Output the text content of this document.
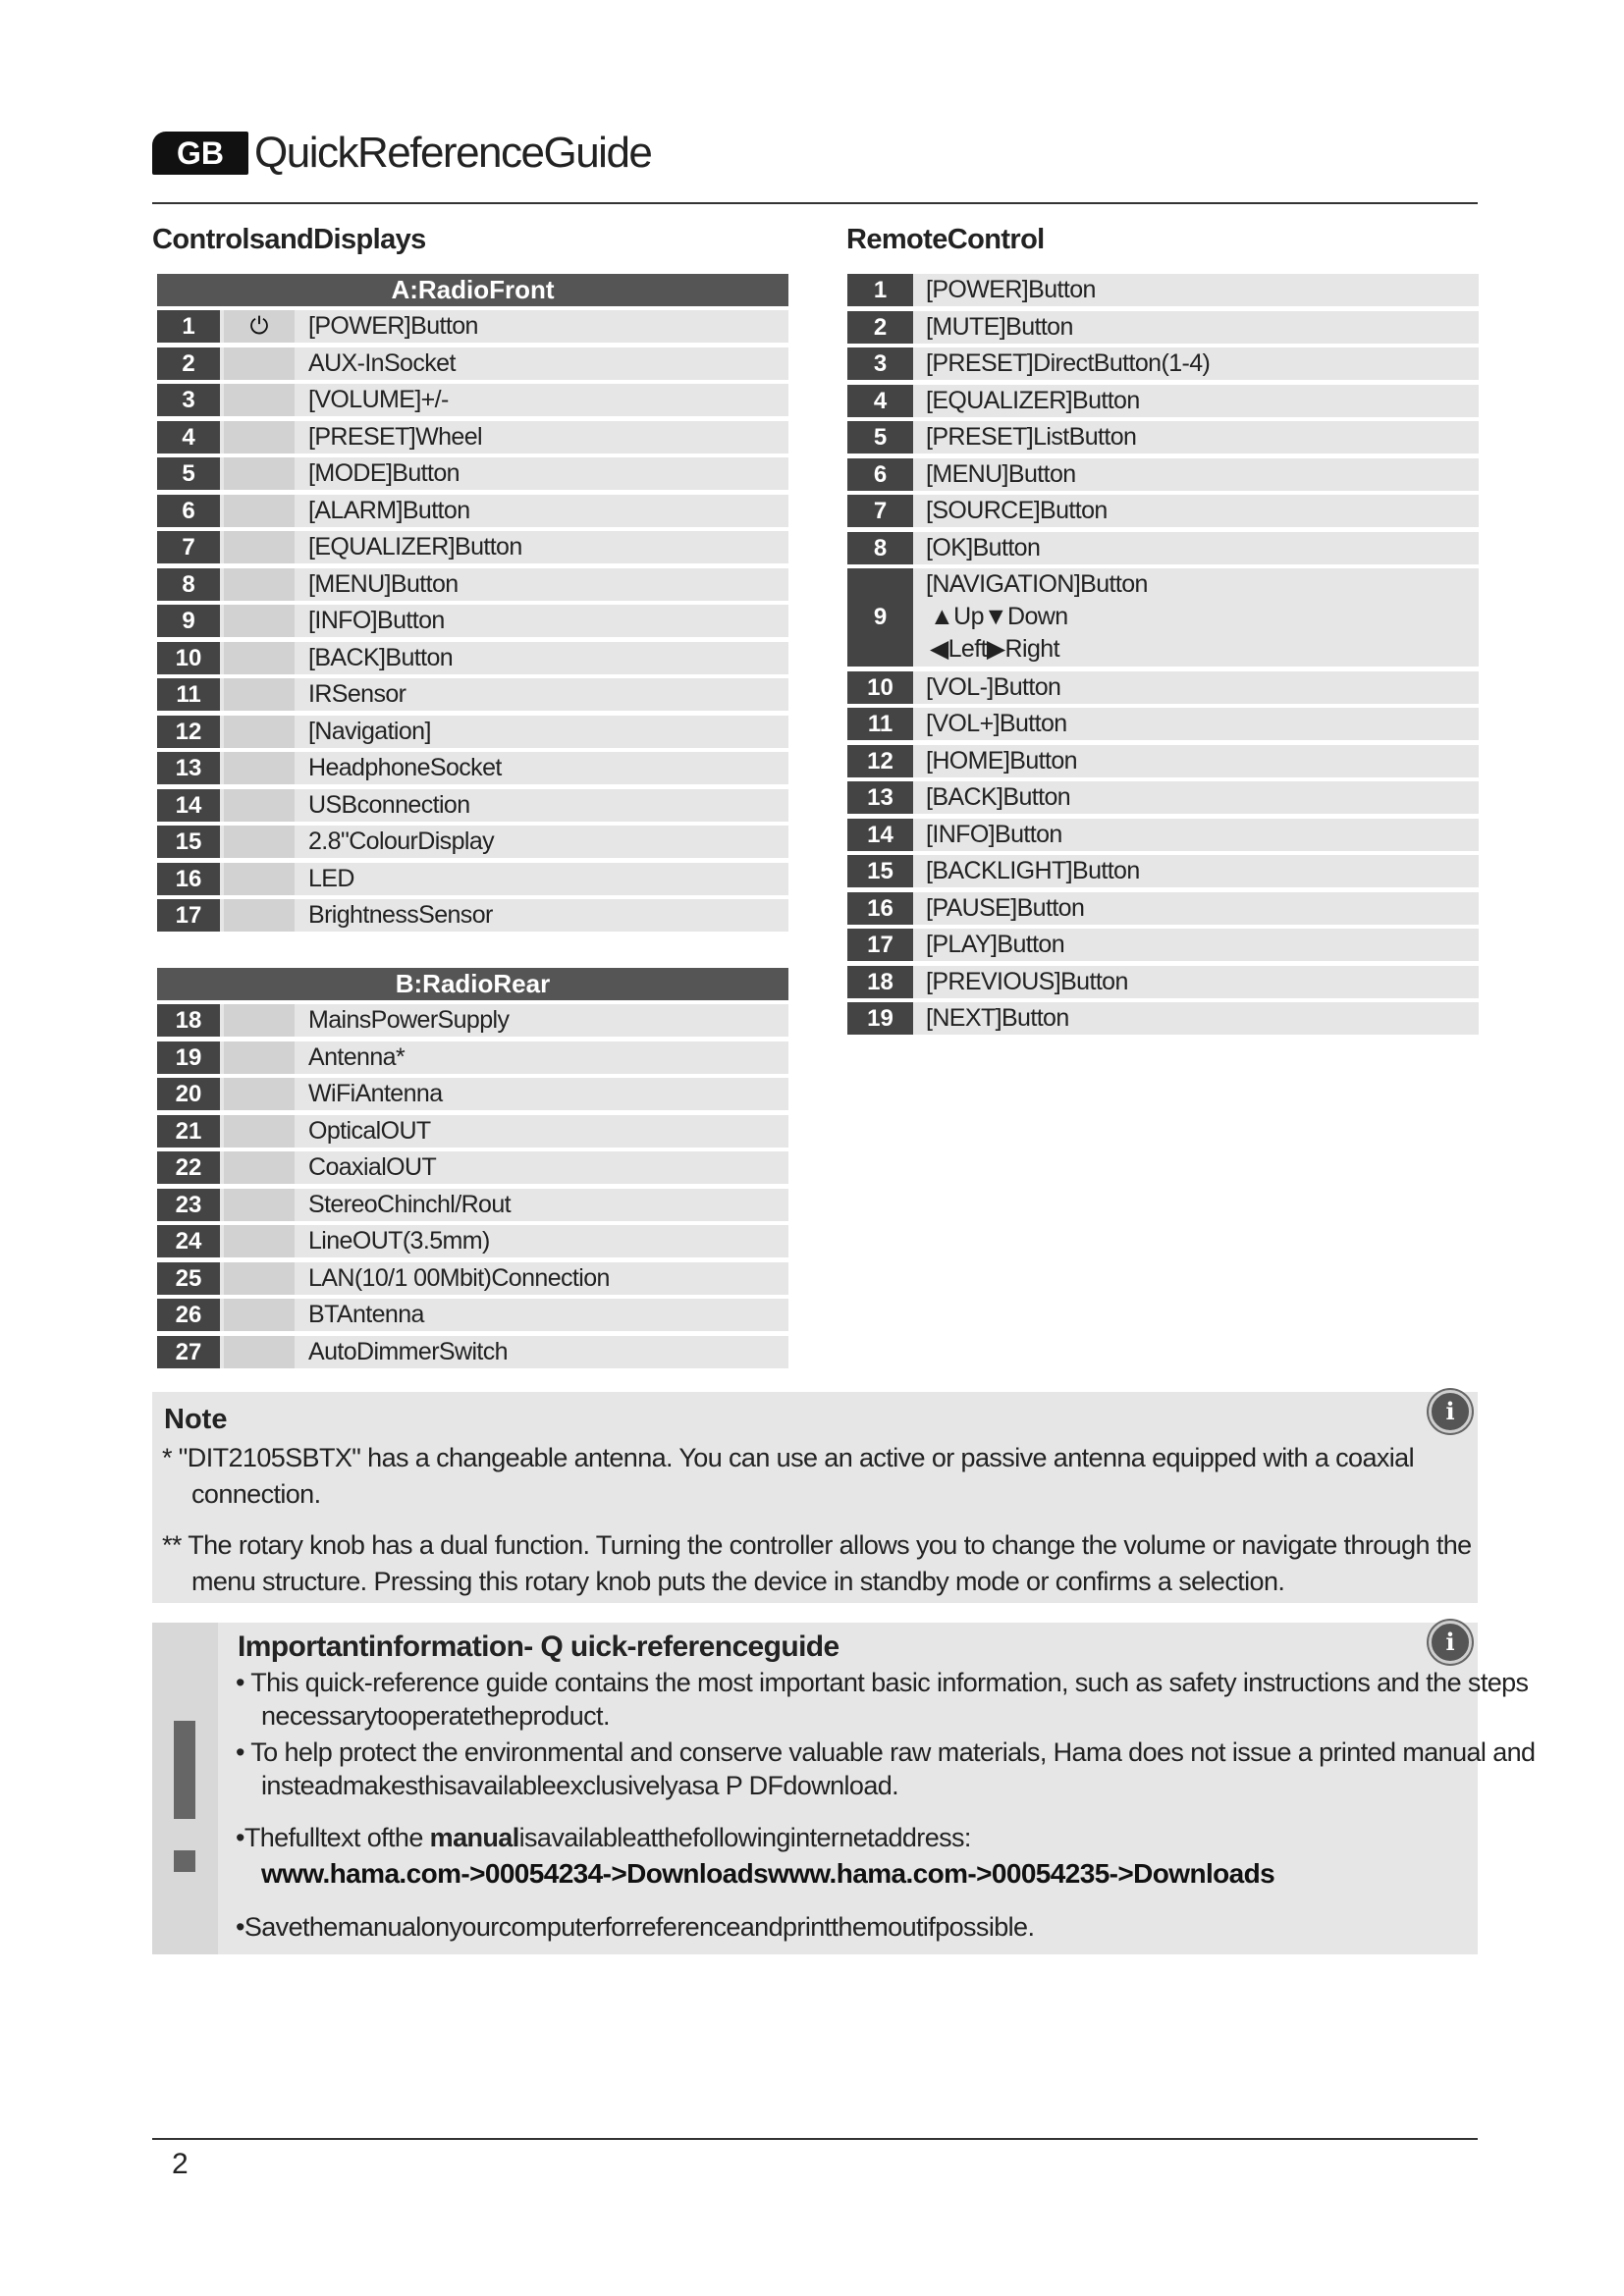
GB QuickReferenceGuide
ControlsandDisplays
A:RadioFront
1	⏻	[POWER]Button
2	AUX-InSocket
3	[VOLUME]+/-
4	[PRESET]Wheel
5	[MODE]Button
6	[ALARM]Button
7	[EQUALIZER]Button
8	[MENU]Button
9	[INFO]Button
10	[BACK]Button
11	IRSensor
12	[Navigation]
13	HeadphoneSocket
14	USBconnection
15	2.8"ColourDisplay
16	LED
17	BrightnessSensor
B:RadioRear
18	MainsPowerSupply
19	Antenna*
20	WiFiAntenna
21	OpticalOUT
22	CoaxialOUT
23	StereoChinchl/Rout
24	LineOUT(3.5mm)
25	LAN(10/1 00Mbit)Connection
26	BTAntenna
27	AutoDimmerSwitch
RemoteControl
1	[POWER]Button
2	[MUTE]Button
3	[PRESET]DirectButton(1-4)
4	[EQUALIZER]Button
5	[PRESET]ListButton
6	[MENU]Button
7	[SOURCE]Button
8	[OK]Button
9
[NAVIGATION]Button
▲Up▼Down
◀Left▶Right
10	[VOL-]Button
11	[VOL+]Button
12	[HOME]Button
13	[BACK]Button
14	[INFO]Button
15	[BACKLIGHT]Button
16	[PAUSE]Button
17	[PLAY]Button
18	[PREVIOUS]Button
19	[NEXT]Button
Note	i
* "DIT2105SBTX" has a changeable antenna. You can use an active or passive antenna equipped with a coaxial
connection.
** The rotary knob has a dual function. Turning the controller allows you to change the volume or navigate through the
menu structure. Pressing this rotary knob puts the device in standby mode or confirms a selection.
Importantinformation- Q uick-referenceguide	i
• This quick-reference guide contains the most important basic information, such as safety instructions and the steps
necessarytooperatetheproduct.
• To help protect the environmental and conserve valuable raw materials, Hama does not issue a printed manual and
insteadmakesthisavailableexclusivelyasa P DFdownload.
•Thefulltext ofthe manualisavailableatthefollowinginternetaddress:
www.hama.com->00054234->Downloadswww.hama.com->00054235->Downloads
•Savethemanualonyourcomputerforreferenceandprintthemoutifpossible.
2
